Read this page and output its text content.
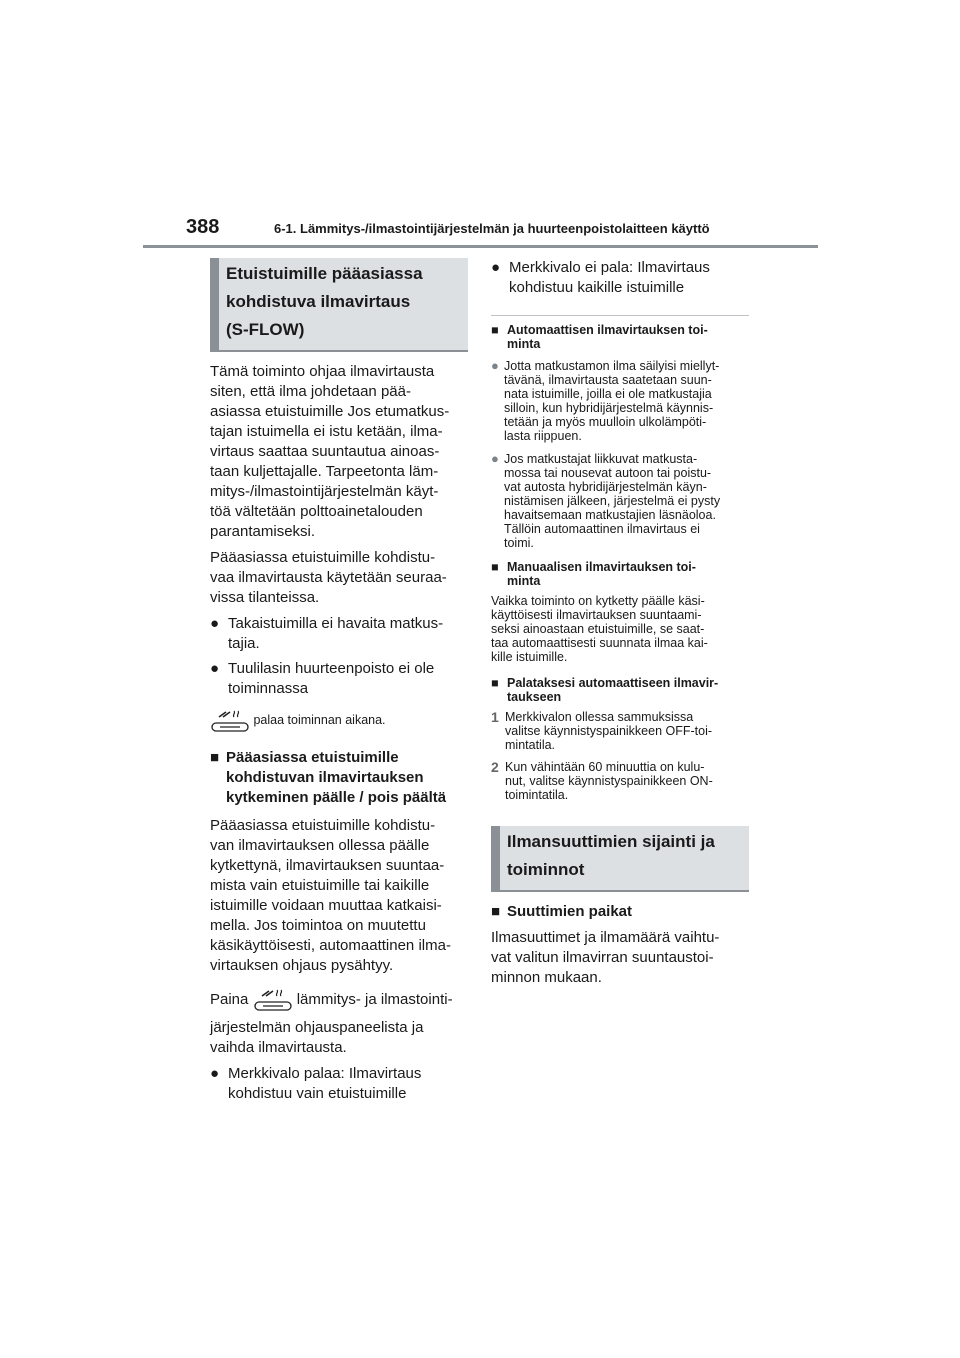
388	6-1. Lämmitys-/ilmastointijärjestelmän ja huurteenpoistolaitteen käyttö
Etuistuimille pääasiassa
kohdistuva ilmavirtaus
(S-FLOW)

Tämä toiminto ohjaa ilmavirtausta

siten, että ilma johdetaan pää-

asiassa etuistuimille Jos etumatkus-

tajan istuimella ei istu ketään, ilma-

virtaus saattaa suuntautua ainoas-

taan kuljettajalle. Tarpeetonta läm-

mitys-/ilmastointijärjestelmän käyt-

töä vältetään polttoainetalouden

parantamiseksi.

Pääasiassa etuistuimille kohdistu-

vaa ilmavirtausta käytetään seuraa-

vissa tilanteissa.

● Takaistuimilla ei havaita matkus-
tajia.
● Tuulilasin huurteenpoisto ei ole
toiminnassa
palaa toiminnan aikana.
■ Pääasiassa etuistuimille
kohdistuvan ilmavirtauksen
kytkeminen päälle / pois päältä

Pääasiassa etuistuimille kohdistu-

van ilmavirtauksen ollessa päälle

kytkettynä, ilmavirtauksen suuntaa-

mista vain etuistuimille tai kaikille

istuimille voidaan muuttaa katkaisi-

mella. Jos toimintoa on muutettu

käsikäyttöisesti, automaattinen ilma-

virtauksen ohjaus pysähtyy.

Paina	lämmitys- ja ilmastointi-

järjestelmän ohjauspaneelista ja

vaihda ilmavirtausta.

● Merkkivalo palaa: Ilmavirtaus
kohdistuu vain etuistuimille
● Merkkivalo ei pala: Ilmavirtaus
kohdistuu kaikille istuimille
■ Automaattisen ilmavirtauksen toi-
minta
● Jotta matkustamon ilma säilyisi miellyt-
tävänä, ilmavirtausta saatetaan suun-
nata istuimille, joilla ei ole matkustajia
silloin, kun hybridijärjestelmä käynnis-
tetään ja myös muulloin ulkolämpöti-
lasta riippuen.
● Jos matkustajat liikkuvat matkusta-
mossa tai nousevat autoon tai poistu-
vat autosta hybridijärjestelmän käyn-
nistämisen jälkeen, järjestelmä ei pysty
havaitsemaan matkustajien läsnäoloa.
Tällöin automaattinen ilmavirtaus ei
toimi.
■ Manuaalisen ilmavirtauksen toi-
minta
Vaikka toiminto on kytketty päälle käsi-
käyttöisesti ilmavirtauksen suuntaami-
seksi ainoastaan etuistuimille, se saat-
taa automaattisesti suunnata ilmaa kai-
kille istuimille.
■ Palataksesi automaattiseen ilmavir-
taukseen
1 Merkkivalon ollessa sammuksissa
valitse käynnistyspainikkeen OFF-toi-
mintatila.
2 Kun vähintään 60 minuuttia on kulu-
nut, valitse käynnistyspainikkeen ON-
toimintatila.
Ilmansuuttimien sijainti ja
toiminnot
■ Suuttimien paikat

Ilmasuuttimet ja ilmamäärä vaihtu-

vat valitun ilmavirran suuntaustoi-

minnon mukaan.
